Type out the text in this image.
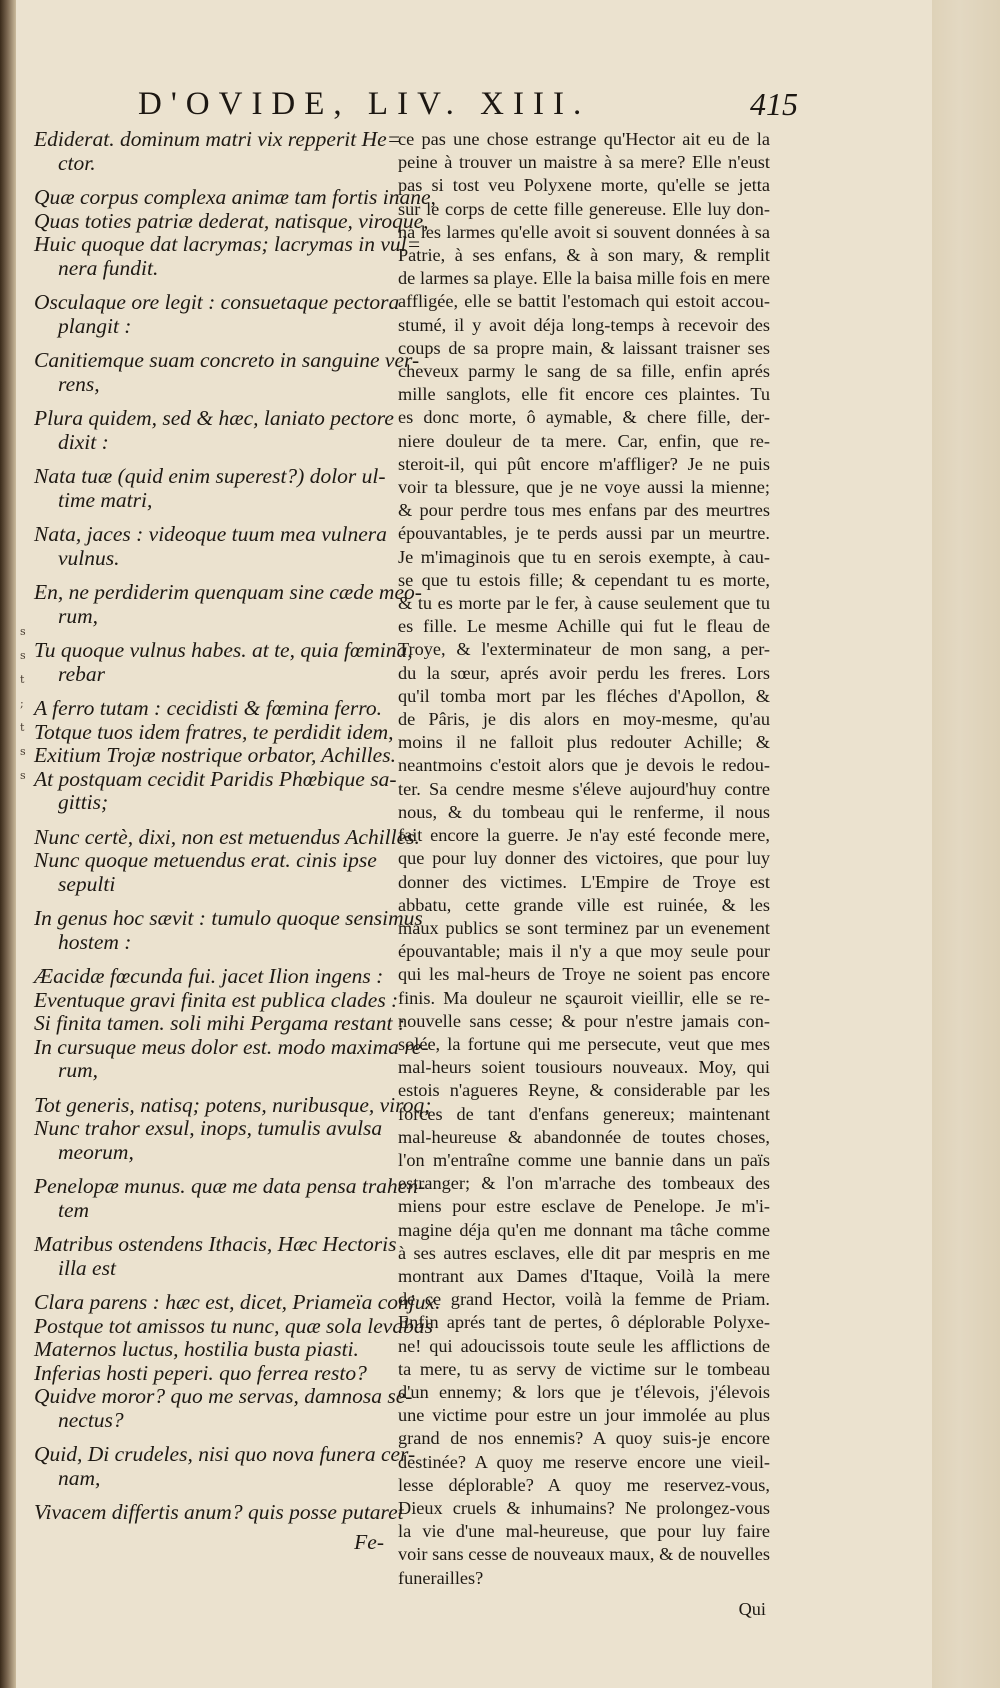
s
s
t
;
t
s
s
D'OVIDE, LIV. XIII.	415
Ediderat. dominum matri vix repperit He=
ctor.
Quæ corpus complexa animæ tam fortis inane,
Quas toties patriæ dederat, natisque, viroque,
Huic quoque dat lacrymas; lacrymas in vul=
nera fundit.
Osculaque ore legit : consuetaque pectora
plangit :
Canitiemque suam concreto in sanguine ver-
rens,
Plura quidem, sed & hæc, laniato pectore
dixit :
Nata tuæ (quid enim superest?) dolor ul-
time matri,
Nata, jaces : videoque tuum mea vulnera
vulnus.
En, ne perdiderim quenquam sine cæde meo-
rum,
Tu quoque vulnus habes. at te, quia fœmina,
rebar
A ferro tutam : cecidisti & fœmina ferro.
Totque tuos idem fratres, te perdidit idem,
Exitium Trojæ nostrique orbator, Achilles.
At postquam cecidit Paridis Phœbique sa-
gittis;
Nunc certè, dixi, non est metuendus Achilles.
Nunc quoque metuendus erat. cinis ipse
sepulti
In genus hoc sævit : tumulo quoque sensimus
hostem :
Æacidæ fœcunda fui. jacet Ilion ingens :
Eventuque gravi finita est publica clades :
Si finita tamen. soli mihi Pergama restant :
In cursuque meus dolor est. modo maxima re-
rum,
Tot generis, natisq; potens, nuribusque, viroq;
Nunc trahor exsul, inops, tumulis avulsa
meorum,
Penelopæ munus. quæ me data pensa trahen-
tem
Matribus ostendens Ithacis, Hæc Hectoris
illa est
Clara parens : hæc est, dicet, Priameïa conjux.
Postque tot amissos tu nunc, quæ sola levabas
Maternos luctus, hostilia busta piasti.
Inferias hosti peperi. quo ferrea resto?
Quidve moror? quo me servas, damnosa se-
nectus?
Quid, Di crudeles, nisi quo nova funera cer-
nam,
Vivacem differtis anum? quis posse putaret
Fe-
ce pas une chose estrange qu'Hector ait eu de la
peine à trouver un maistre à sa mere? Elle n'eust
pas si tost veu Polyxene morte, qu'elle se jetta
sur le corps de cette fille genereuse. Elle luy don-
na les larmes qu'elle avoit si souvent données à sa
Patrie, à ses enfans, & à son mary, & remplit
de larmes sa playe. Elle la baisa mille fois en mere
affligée, elle se battit l'estomach qui estoit accou-
stumé, il y avoit déja long-temps à recevoir des
coups de sa propre main, & laissant traisner ses
cheveux parmy le sang de sa fille, enfin aprés
mille sanglots, elle fit encore ces plaintes. Tu
es donc morte, ô aymable, & chere fille, der-
niere douleur de ta mere. Car, enfin, que re-
steroit-il, qui pût encore m'affliger? Je ne puis
voir ta blessure, que je ne voye aussi la mienne;
& pour perdre tous mes enfans par des meurtres
épouvantables, je te perds aussi par un meurtre.
Je m'imaginois que tu en serois exempte, à cau-
se que tu estois fille; & cependant tu es morte,
& tu es morte par le fer, à cause seulement que tu
es fille. Le mesme Achille qui fut le fleau de
Troye, & l'exterminateur de mon sang, a per-
du la sœur, aprés avoir perdu les freres. Lors
qu'il tomba mort par les fléches d'Apollon, &
de Pâris, je dis alors en moy-mesme, qu'au
moins il ne falloit plus redouter Achille; &
neantmoins c'estoit alors que je devois le redou-
ter. Sa cendre mesme s'éleve aujourd'huy contre
nous, & du tombeau qui le renferme, il nous
fait encore la guerre. Je n'ay esté feconde mere,
que pour luy donner des victoires, que pour luy
donner des victimes. L'Empire de Troye est
abbatu, cette grande ville est ruinée, & les
maux publics se sont terminez par un evenement
épouvantable; mais il n'y a que moy seule pour
qui les mal-heurs de Troye ne soient pas encore
finis. Ma douleur ne sçauroit vieillir, elle se re-
nouvelle sans cesse; & pour n'estre jamais con-
solée, la fortune qui me persecute, veut que mes
mal-heurs soient tousiours nouveaux. Moy, qui
estois n'agueres Reyne, & considerable par les
forces de tant d'enfans genereux; maintenant
mal-heureuse & abandonnée de toutes choses,
l'on m'entraîne comme une bannie dans un païs
estranger; & l'on m'arrache des tombeaux des
miens pour estre esclave de Penelope. Je m'i-
magine déja qu'en me donnant ma tâche comme
à ses autres esclaves, elle dit par mespris en me
montrant aux Dames d'Itaque, Voilà la mere
de ce grand Hector, voilà la femme de Priam.
Enfin aprés tant de pertes, ô déplorable Polyxe-
ne! qui adoucissois toute seule les afflictions de
ta mere, tu as servy de victime sur le tombeau
d'un ennemy; & lors que je t'élevois, j'élevois
une victime pour estre un jour immolée au plus
grand de nos ennemis? A quoy suis-je encore
destinée? A quoy me reserve encore une vieil-
lesse déplorable? A quoy me reservez-vous,
Dieux cruels & inhumains? Ne prolongez-vous
la vie d'une mal-heureuse, que pour luy faire
voir sans cesse de nouveaux maux, & de nouvelles
funerailles?
Qui
